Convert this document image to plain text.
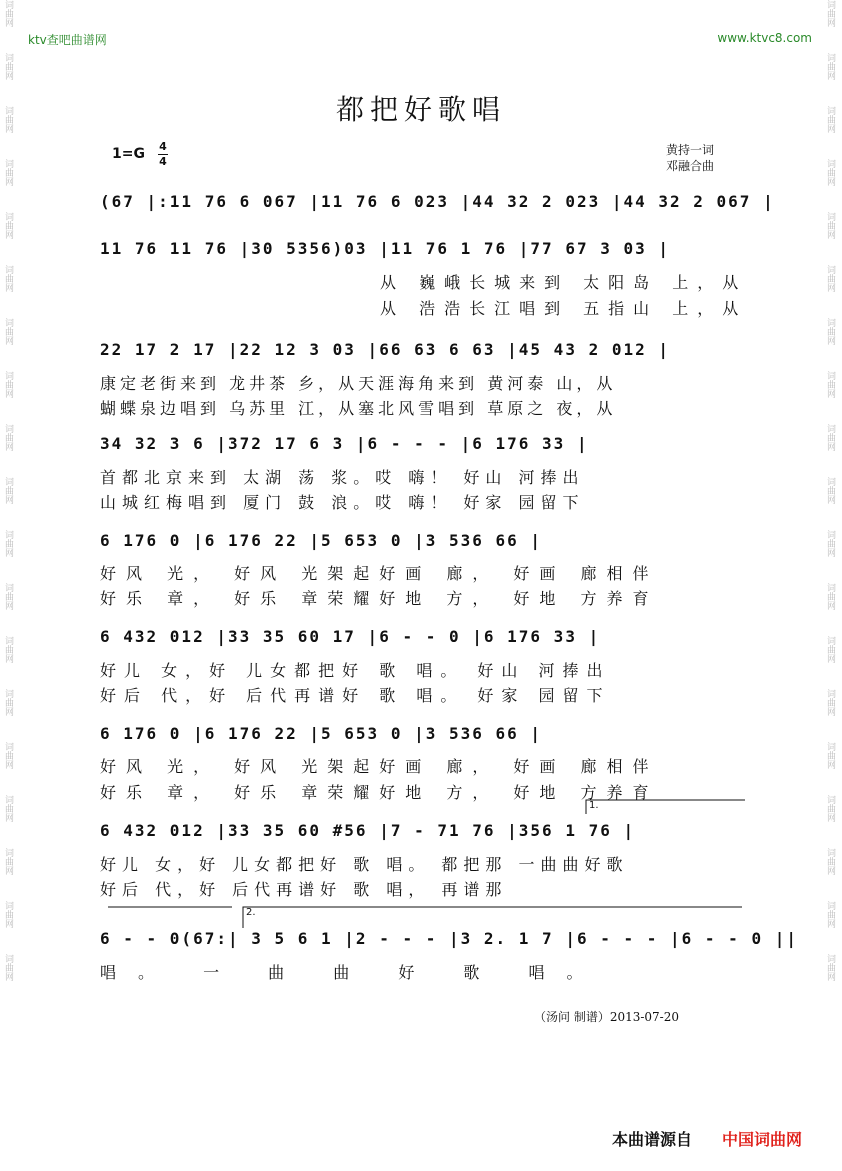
词曲网
词曲网
词曲网
词曲网
词曲网
词曲网
词曲网
词曲网
词曲网
词曲网
词曲网
词曲网
词曲网
词曲网
词曲网
词曲网
词曲网
词曲网
词曲网
词曲网
词曲网
词曲网
词曲网
词曲网
词曲网
词曲网
词曲网
词曲网
词曲网
词曲网
词曲网
词曲网
词曲网
词曲网
词曲网
词曲网
词曲网
词曲网
ktv查吧曲谱网	www.ktvc8.com
都把好歌唱
1=G 4
4
黄持一词
邓融合曲
(67 |:11 76 6 067 |11 76 6 023 |44 32 2 023 |44 32 2 067 |
11 76 11 76 |30 5356)03 |11 76 1 76 |77 67 3 03 |
从 巍峨长城来到 太阳岛 上，从
从 浩浩长江唱到 五指山 上，从
22 17 2 17 |22 12 3 03 |66 63 6 63 |45 43 2 012 |
康定老街来到 龙井茶 乡，从天涯海角来到 黄河泰 山，从
蝴蝶泉边唱到 乌苏里 江，从塞北风雪唱到 草原之 夜，从
34 32 3 6 |372 17 6 3 |6 - - - |6 176 33 |
首都北京来到 太湖 荡 浆。哎 嗨！ 好山 河捧出
山城红梅唱到 厦门 鼓 浪。哎 嗨！ 好家 园留下
6 176 0 |6 176 22 |5 653 0 |3 536 66 |
好风 光， 好风 光架起好画 廊， 好画 廊相伴
好乐 章， 好乐 章荣耀好地 方， 好地 方养育
6 432 012 |33 35 60 17 |6 - - 0 |6 176 33 |
好儿 女，好 儿女都把好 歌 唱。 好山 河捧出
好后 代，好 后代再谱好 歌 唱。 好家 园留下
6 176 0 |6 176 22 |5 653 0 |3 536 66 |
好风 光， 好风 光架起好画 廊， 好画 廊相伴
好乐 章， 好乐 章荣耀好地 方， 好地 方养育
6 432 012 |33 35 60 #56 |7 - 71 76 |356 1 76 |
好儿 女，好 儿女都把好 歌 唱。 都把那 一曲曲好歌
好后 代，好 后代再谱好 歌 唱， 再谱那
6 - - 0(67:| 3 5 6 1 |2 - - - |3 2. 1 7 |6 - - - |6 - - 0 ||
唱。 一 曲 曲 好 歌 唱。
1.
2.
（汤问 制谱）2013-07-20
本曲谱源自 中国词曲网
